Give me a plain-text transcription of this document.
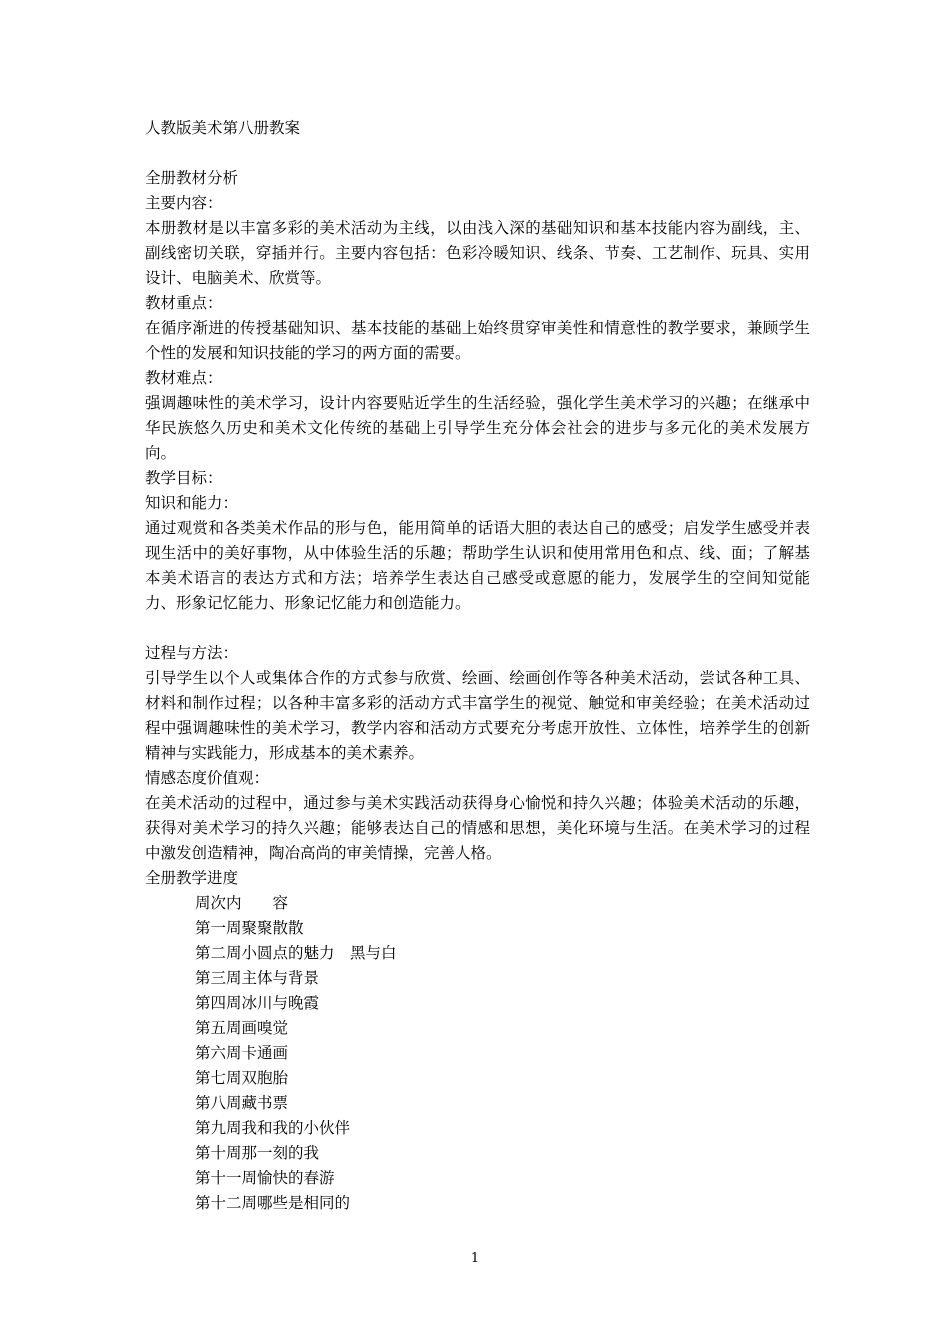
人教版美术第八册教案
全册教材分析
主要内容：
本册教材是以丰富多彩的美术活动为主线，以由浅入深的基础知识和基本技能内容为副线，主、副线密切关联，穿插并行。主要内容包括：色彩冷暖知识、线条、节奏、工艺制作、玩具、实用设计、电脑美术、欣赏等。
教材重点：
在循序渐进的传授基础知识、基本技能的基础上始终贯穿审美性和情意性的教学要求，兼顾学生个性的发展和知识技能的学习的两方面的需要。
教材难点：
强调趣味性的美术学习，设计内容要贴近学生的生活经验，强化学生美术学习的兴趣；在继承中华民族悠久历史和美术文化传统的基础上引导学生充分体会社会的进步与多元化的美术发展方向。
教学目标：
知识和能力：
通过观赏和各类美术作品的形与色，能用简单的话语大胆的表达自己的感受；启发学生感受并表现生活中的美好事物，从中体验生活的乐趣；帮助学生认识和使用常用色和点、线、面；了解基本美术语言的表达方式和方法；培养学生表达自己感受或意愿的能力，发展学生的空间知觉能力、形象记忆能力、形象记忆能力和创造能力。
过程与方法：
引导学生以个人或集体合作的方式参与欣赏、绘画、绘画创作等各种美术活动，尝试各种工具、材料和制作过程；以各种丰富多彩的活动方式丰富学生的视觉、触觉和审美经验；在美术活动过程中强调趣味性的美术学习，教学内容和活动方式要充分考虑开放性、立体性，培养学生的创新精神与实践能力，形成基本的美术素养。
情感态度价值观：
在美术活动的过程中，通过参与美术实践活动获得身心愉悦和持久兴趣；体验美术活动的乐趣，获得对美术学习的持久兴趣；能够表达自己的情感和思想，美化环境与生活。在美术学习的过程中激发创造精神，陶冶高尚的审美情操，完善人格。
全册教学进度
周次内　　容
第一周聚聚散散
第二周小圆点的魅力　黑与白
第三周主体与背景
第四周冰川与晚霞
第五周画嗅觉
第六周卡通画
第七周双胞胎
第八周藏书票
第九周我和我的小伙伴
第十周那一刻的我
第十一周愉快的春游
第十二周哪些是相同的
1
